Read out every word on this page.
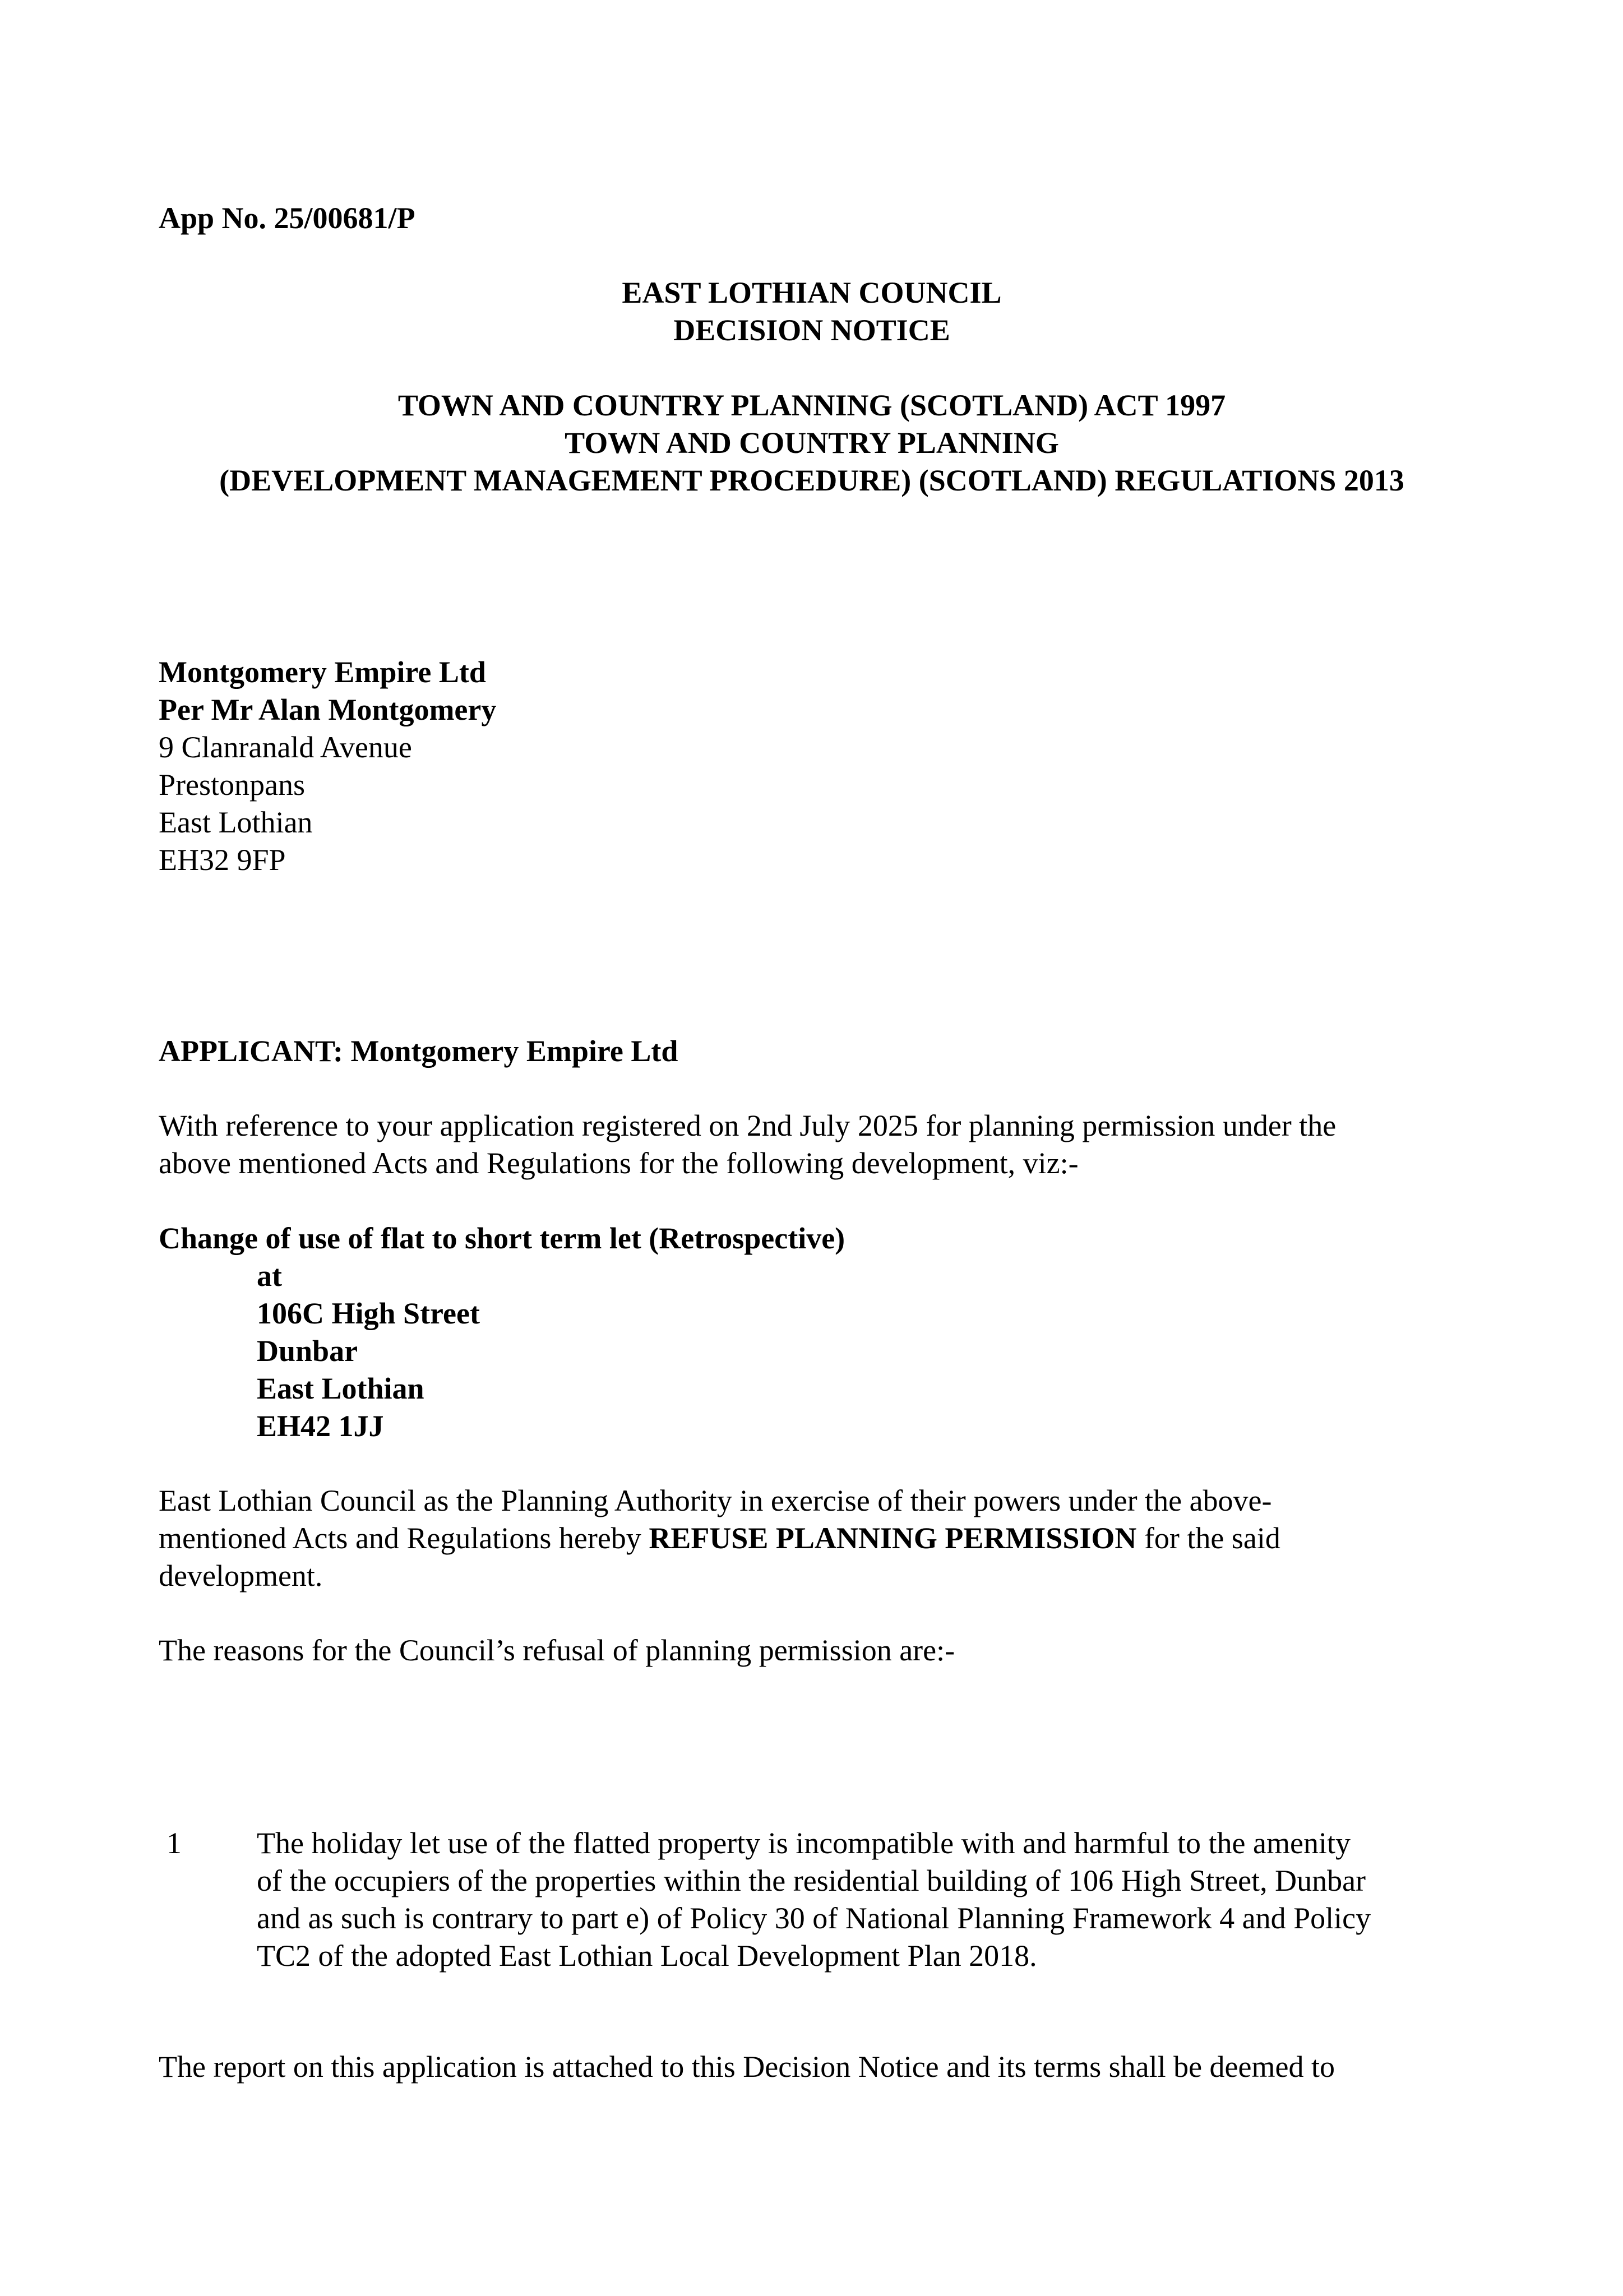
App No. 25/00681/P
EAST LOTHIAN COUNCIL
DECISION NOTICE
TOWN AND COUNTRY PLANNING (SCOTLAND) ACT 1997
TOWN AND COUNTRY PLANNING
(DEVELOPMENT MANAGEMENT PROCEDURE) (SCOTLAND) REGULATIONS 2013
Montgomery Empire Ltd
Per Mr Alan Montgomery
9 Clanranald Avenue
Prestonpans
East Lothian
EH32 9FP
APPLICANT: Montgomery Empire Ltd
With reference to your application registered on 2nd July 2025 for planning permission under the
above mentioned Acts and Regulations for the following development, viz:-
Change of use of flat to short term let (Retrospective)
at
106C High Street
Dunbar
East Lothian
EH42 1JJ
East Lothian Council as the Planning Authority in exercise of their powers under the above-
mentioned Acts and Regulations hereby REFUSE PLANNING PERMISSION for the said
development.
The reasons for the Council’s refusal of planning permission are:-
1 The holiday let use of the flatted property is incompatible with and harmful to the amenity
of the occupiers of the properties within the residential building of 106 High Street, Dunbar
and as such is contrary to part e) of Policy 30 of National Planning Framework 4 and Policy
TC2 of the adopted East Lothian Local Development Plan 2018.
The report on this application is attached to this Decision Notice and its terms shall be deemed to
